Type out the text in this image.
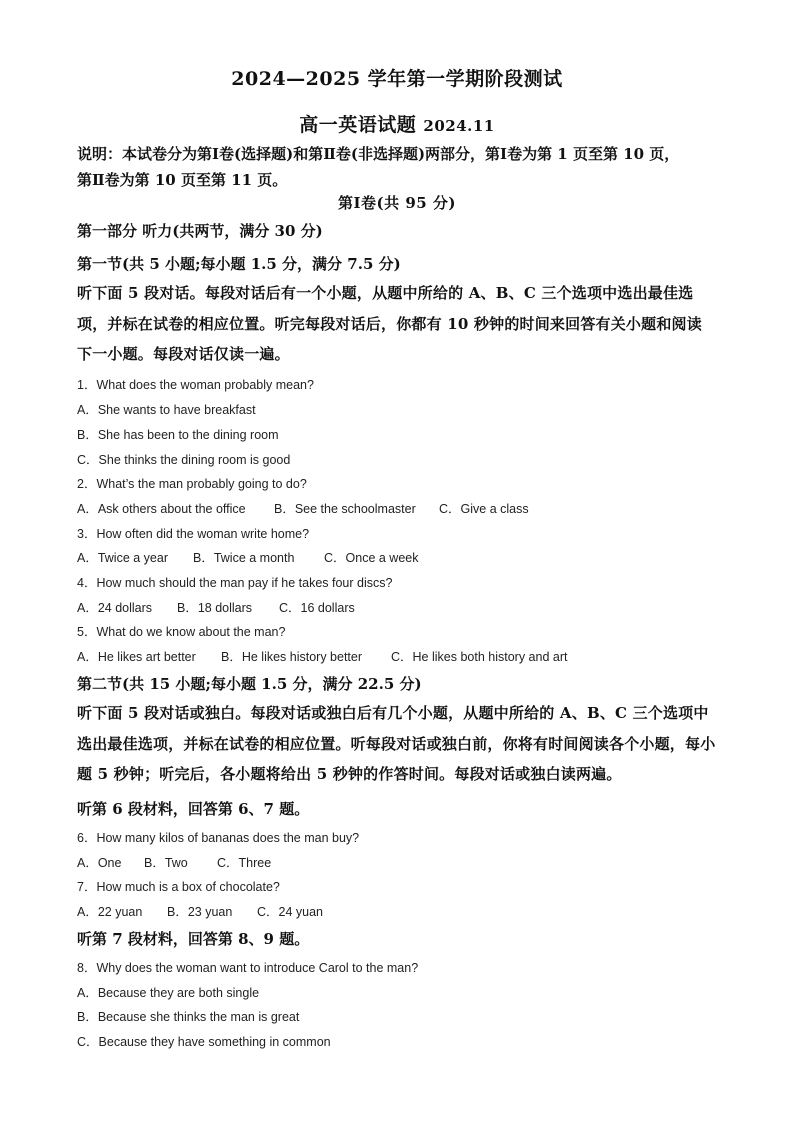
2024—2025 学年第一学期阶段测试
高一英语试题 2024.11
说明：本试卷分为第Ⅰ卷(选择题)和第Ⅱ卷(非选择题)两部分，第Ⅰ卷为第 1 页至第 10 页，
第Ⅱ卷为第 10 页至第 11 页。
第Ⅰ卷(共 95 分)
第一部分 听力(共两节，满分 30 分)
第一节(共 5 小题;每小题 1.5 分，满分 7.5 分)
听下面 5 段对话。每段对话后有一个小题，从题中所给的 A、B、C 三个选项中选出最佳选项，并标在试卷的相应位置。听完每段对话后，你都有 10 秒钟的时间来回答有关小题和阅读下一小题。每段对话仅读一遍。
1．What does the woman probably mean?
A．She wants to have breakfast
B．She has been to the dining room
C．She thinks the dining room is good
2．What’s the man probably going to do?
A．Ask others about the office B．See the schoolmaster C．Give a class
3．How often did the woman write home?
A．Twice a year B．Twice a month C．Once a week
4．How much should the man pay if he takes four discs?
A．24 dollars B．18 dollars C．16 dollars
5．What do we know about the man?
A．He likes art better B．He likes history better C．He likes both history and art
第二节(共 15 小题;每小题 1.5 分，满分 22.5 分)
听下面 5 段对话或独白。每段对话或独白后有几个小题，从题中所给的 A、B、C 三个选项中选出最佳选项，并标在试卷的相应位置。听每段对话或独白前，你将有时间阅读各个小题，每小题 5 秒钟；听完后，各小题将给出 5 秒钟的作答时间。每段对话或独白读两遍。
听第 6 段材料，回答第 6、7 题。
6．How many kilos of bananas does the man buy?
A．One B．Two C．Three
7．How much is a box of chocolate?
A．22 yuan B．23 yuan C．24 yuan
听第 7 段材料，回答第 8、9 题。
8．Why does the woman want to introduce Carol to the man?
A．Because they are both single
B．Because she thinks the man is great
C．Because they have something in common
